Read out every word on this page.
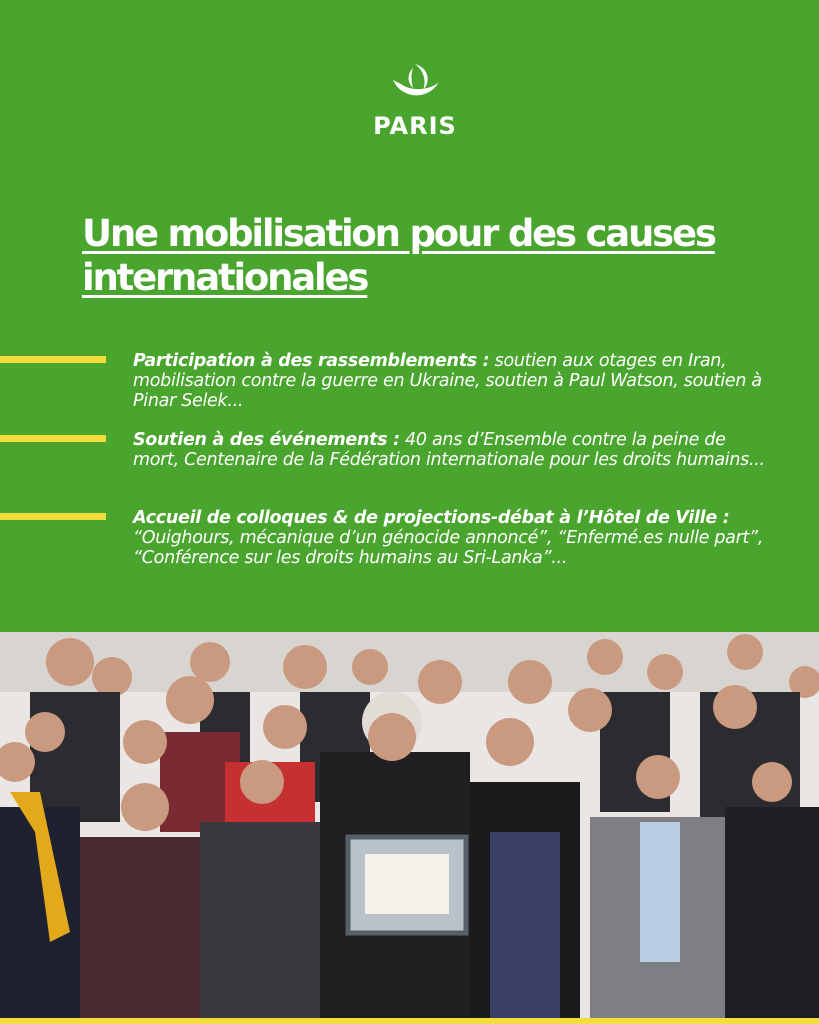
PARIS
Une mobilisation pour des causes internationales
Participation à des rassemblements : soutien aux otages en Iran, mobilisation contre la guerre en Ukraine, soutien à Paul Watson, soutien à Pinar Selek...
Soutien à des événements : 40 ans d’Ensemble contre la peine de mort, Centenaire de la Fédération internationale pour les droits humains...
Accueil de colloques & de projections-débat à l’Hôtel de Ville : “Ouighours, mécanique d’un génocide annoncé”, “Enfermé.es nulle part”, “Conférence sur les droits humains au Sri-Lanka”...
